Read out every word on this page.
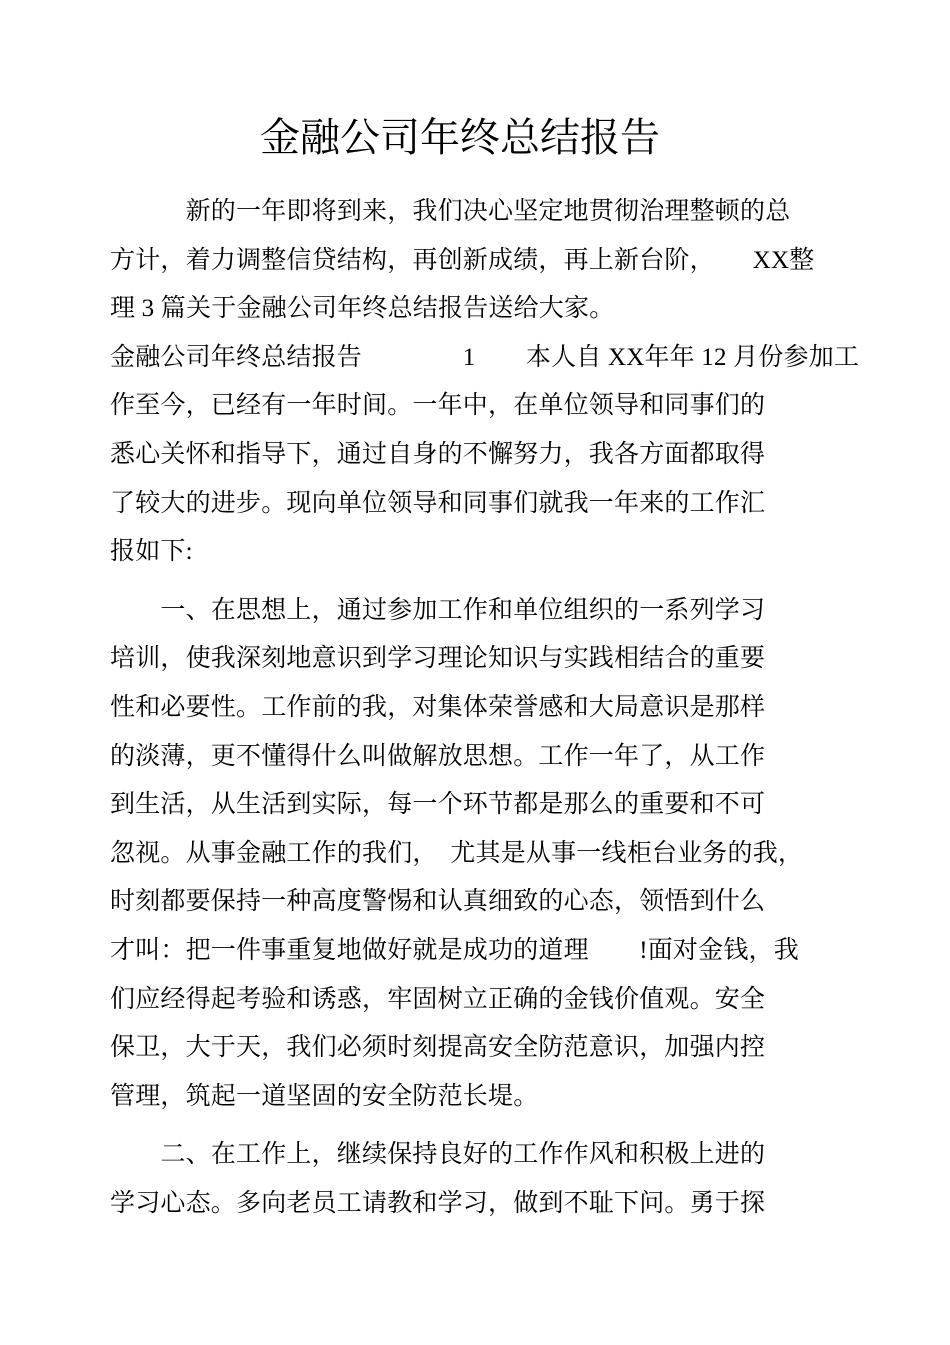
金融公司年终总结报告
　　　新的一年即将到来，我们决心坚定地贯彻治理整顿的总
方计，着力调整信贷结构，再创新成绩，再上新台阶，　　XX整
理 3 篇关于金融公司年终总结报告送给大家。
金融公司年终总结报告　　　　1　　本人自 XX年年 12 月份参加工
作至今，已经有一年时间。一年中，在单位领导和同事们的
悉心关怀和指导下，通过自身的不懈努力，我各方面都取得
了较大的进步。现向单位领导和同事们就我一年来的工作汇
报如下:
　　一、在思想上，通过参加工作和单位组织的一系列学习
培训，使我深刻地意识到学习理论知识与实践相结合的重要
性和必要性。工作前的我，对集体荣誉感和大局意识是那样
的淡薄，更不懂得什么叫做解放思想。工作一年了，从工作
到生活，从生活到实际，每一个环节都是那么的重要和不可
忽视。从事金融工作的我们，　尤其是从事一线柜台业务的我，
时刻都要保持一种高度警惕和认真细致的心态，领悟到什么
才叫：把一件事重复地做好就是成功的道理　　!面对金钱，我
们应经得起考验和诱惑，牢固树立正确的金钱价值观。安全
保卫，大于天，我们必须时刻提高安全防范意识，加强内控
管理，筑起一道坚固的安全防范长堤。
　　二、在工作上，继续保持良好的工作作风和积极上进的
学习心态。多向老员工请教和学习，做到不耻下问。勇于探
